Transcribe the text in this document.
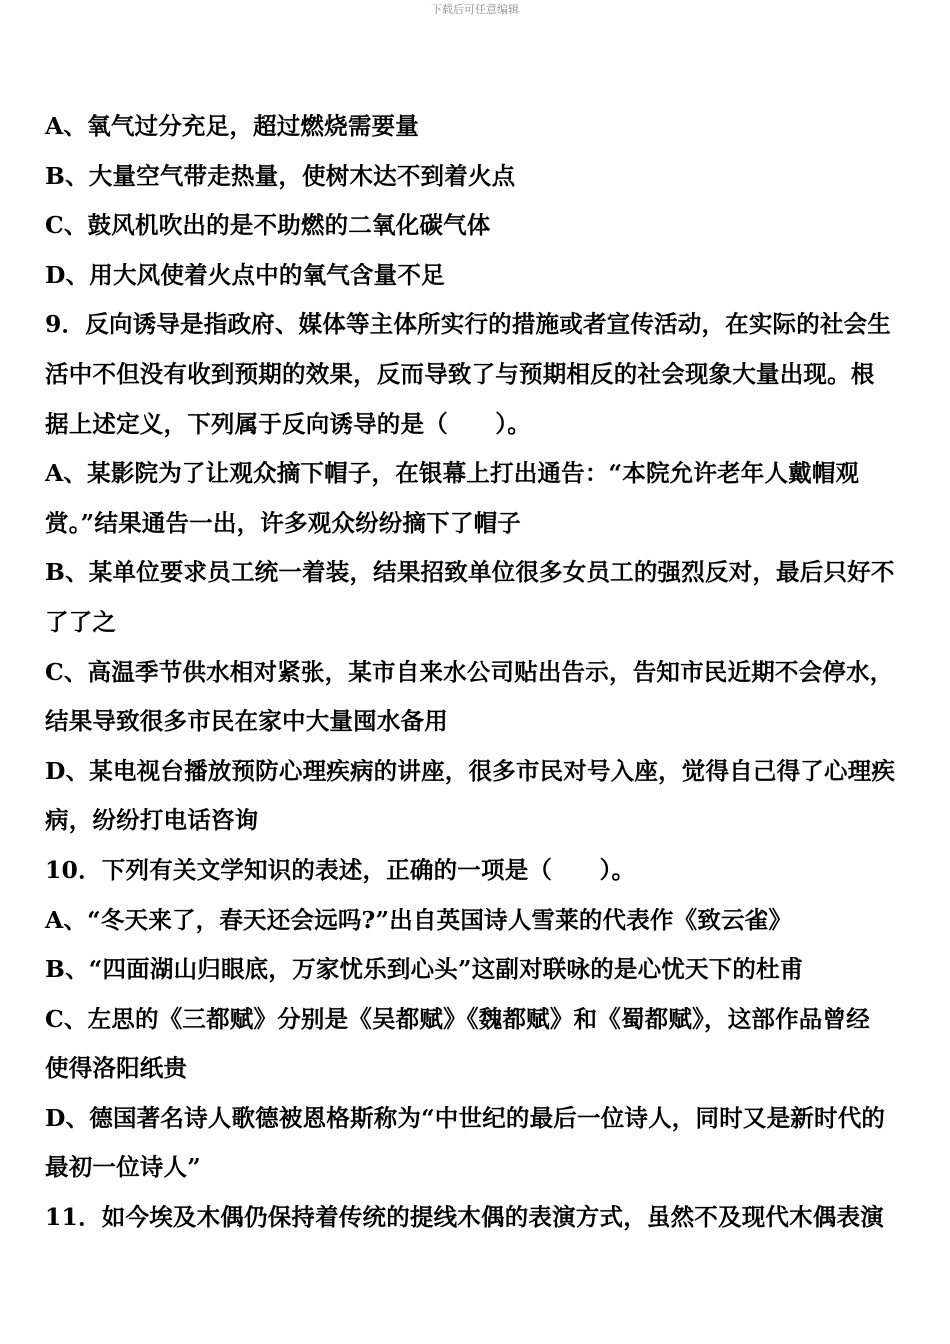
下载后可任意编辑
A、氧气过分充足，超过燃烧需要量
B、大量空气带走热量，使树木达不到着火点
C、鼓风机吹出的是不助燃的二氧化碳气体
D、用大风使着火点中的氧气含量不足
9．反向诱导是指政府、媒体等主体所实行的措施或者宣传活动，在实际的社会生
活中不但没有收到预期的效果，反而导致了与预期相反的社会现象大量出现。根
据上述定义，下列属于反向诱导的是（　　）。
A、某影院为了让观众摘下帽子，在银幕上打出通告：“本院允许老年人戴帽观
赏。”结果通告一出，许多观众纷纷摘下了帽子
B、某单位要求员工统一着装，结果招致单位很多女员工的强烈反对，最后只好不
了了之
C、高温季节供水相对紧张，某市自来水公司贴出告示，告知市民近期不会停水，
结果导致很多市民在家中大量囤水备用
D、某电视台播放预防心理疾病的讲座，很多市民对号入座，觉得自己得了心理疾
病，纷纷打电话咨询
10．下列有关文学知识的表述，正确的一项是（　　）。
A、“冬天来了，春天还会远吗?”出自英国诗人雪莱的代表作《致云雀》
B、“四面湖山归眼底，万家忧乐到心头”这副对联咏的是心忧天下的杜甫
C、左思的《三都赋》分别是《吴都赋》《魏都赋》和《蜀都赋》，这部作品曾经
使得洛阳纸贵
D、德国著名诗人歌德被恩格斯称为“中世纪的最后一位诗人，同时又是新时代的
最初一位诗人”
11．如今埃及木偶仍保持着传统的提线木偶的表演方式，虽然不及现代木偶表演
